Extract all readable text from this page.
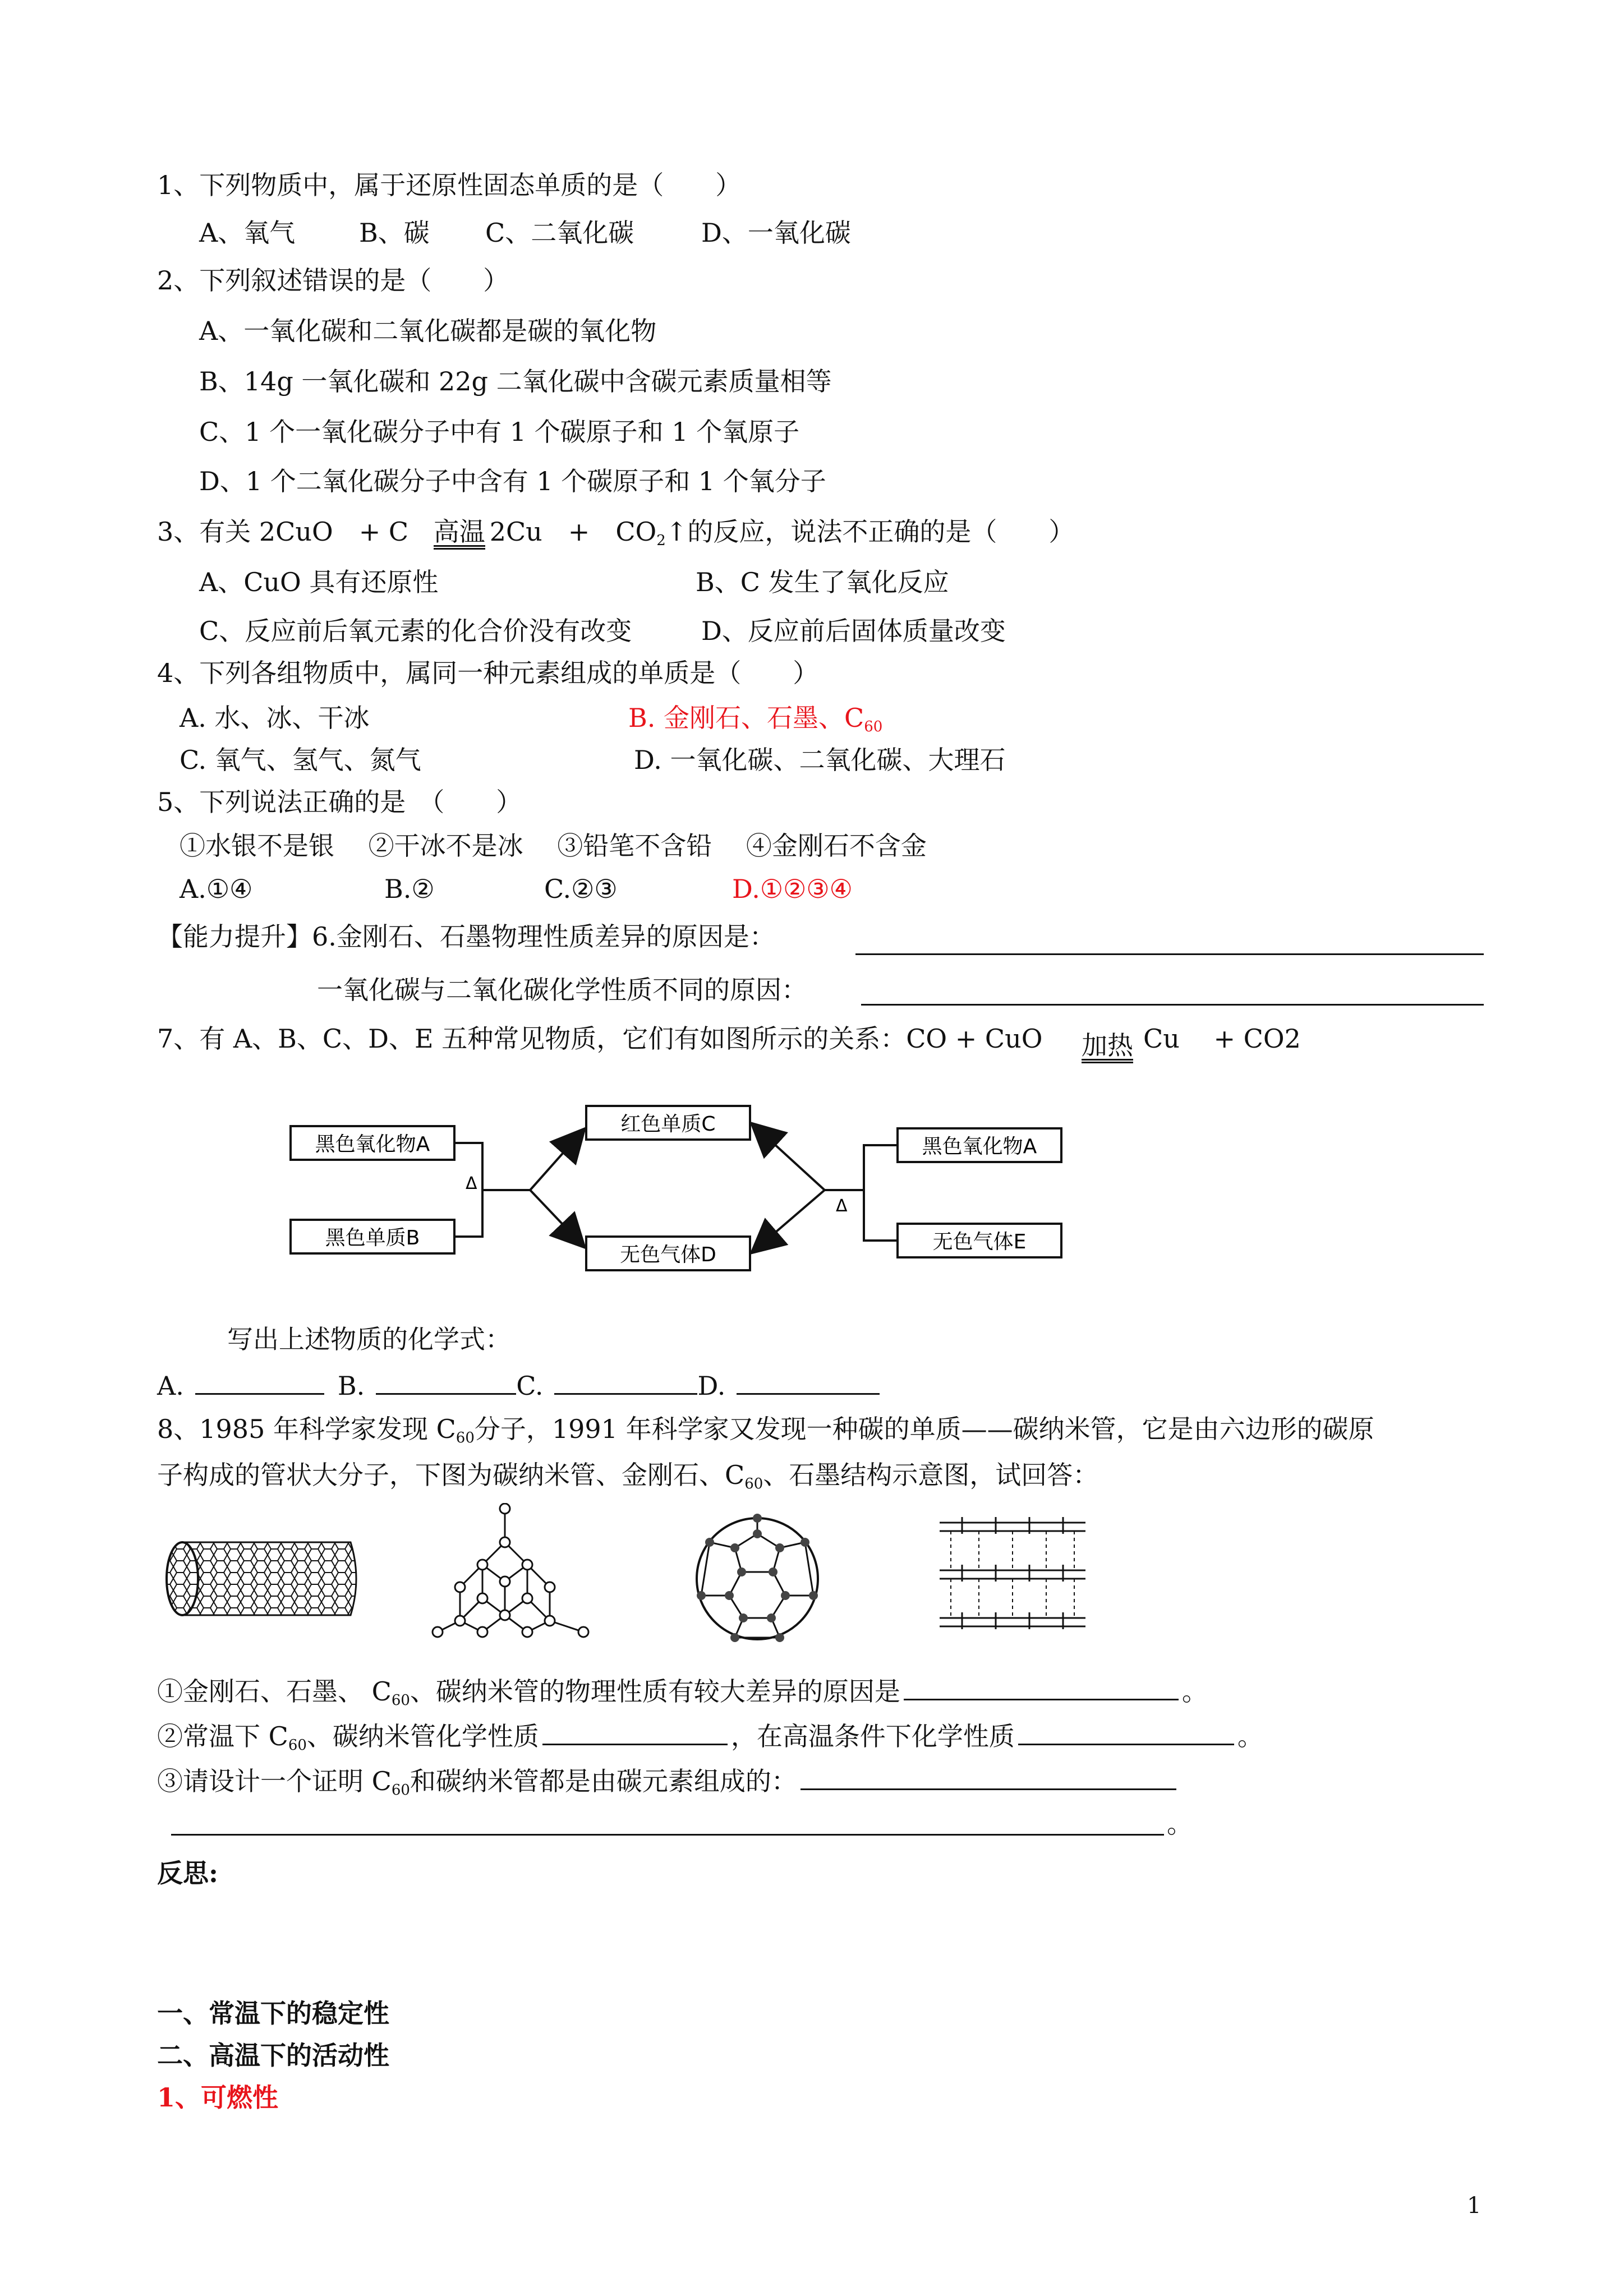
1、下列物质中，属于还原性固态单质的是（　　）
A、氧气 B、碳 C、二氧化碳	D、一氧化碳
2、下列叙述错误的是（　　）
A、一氧化碳和二氧化碳都是碳的氧化物
B、14g 一氧化碳和 22g 二氧化碳中含碳元素质量相等
C、1 个一氧化碳分子中有 1 个碳原子和 1 个氧原子
D、1 个二氧化碳分子中含有 1 个碳原子和 1 个氧分子
3、有关 2CuO　+ C 高温 2Cu　+　$CO_2↑$的反应，说法不正确的是（　　）
A、CuO 具有还原性	B、C 发生了氧化反应
C、反应前后氧元素的化合价没有改变	D、反应前后固体质量改变
4、下列各组物质中，属同一种元素组成的单质是（　　）
A. 水、冰、干冰	B. 金刚石、石墨、$C_{60}$
C. 氧气、氢气、氮气	D. 一氧化碳、二氧化碳、大理石
5、下列说法正确的是　（　　）
①水银不是银　 ②干冰不是冰　 ③铅笔不含铅　 ④金刚石不含金
A.①④	B.②	C.②③	D.①②③④
【能力提升】6.金刚石、石墨物理性质差异的原因是：
一氧化碳与二氧化碳化学性质不同的原因：
7、有 A、B、C、D、E 五种常见物质，它们有如图所示的关系：CO + CuO 加热 Cu　 + CO2
黑色氧化物A
黑色单质B
Δ
红色单质C
无色气体D
Δ
黑色氧化物A
无色气体E
写出上述物质的化学式：
A.	B.	C.	D.
8、1985 年科学家发现 $C_{60}$分子，1991 年科学家又发现一种碳的单质——碳纳米管，它是由六边形的碳原
子构成的管状大分子，下图为碳纳米管、金刚石、$C_{60}$、石墨结构示意图，试回答：
①金刚石、石墨、 $C_{60}$、碳纳米管的物理性质有较大差异的原因是	。
②常温下 $C_{60}$、碳纳米管化学性质	，在高温条件下化学性质	。
③请设计一个证明 $C_{60}$和碳纳米管都是由碳元素组成的：
。
反思:
一、常温下的稳定性
二、高温下的活动性
1、可燃性
1
